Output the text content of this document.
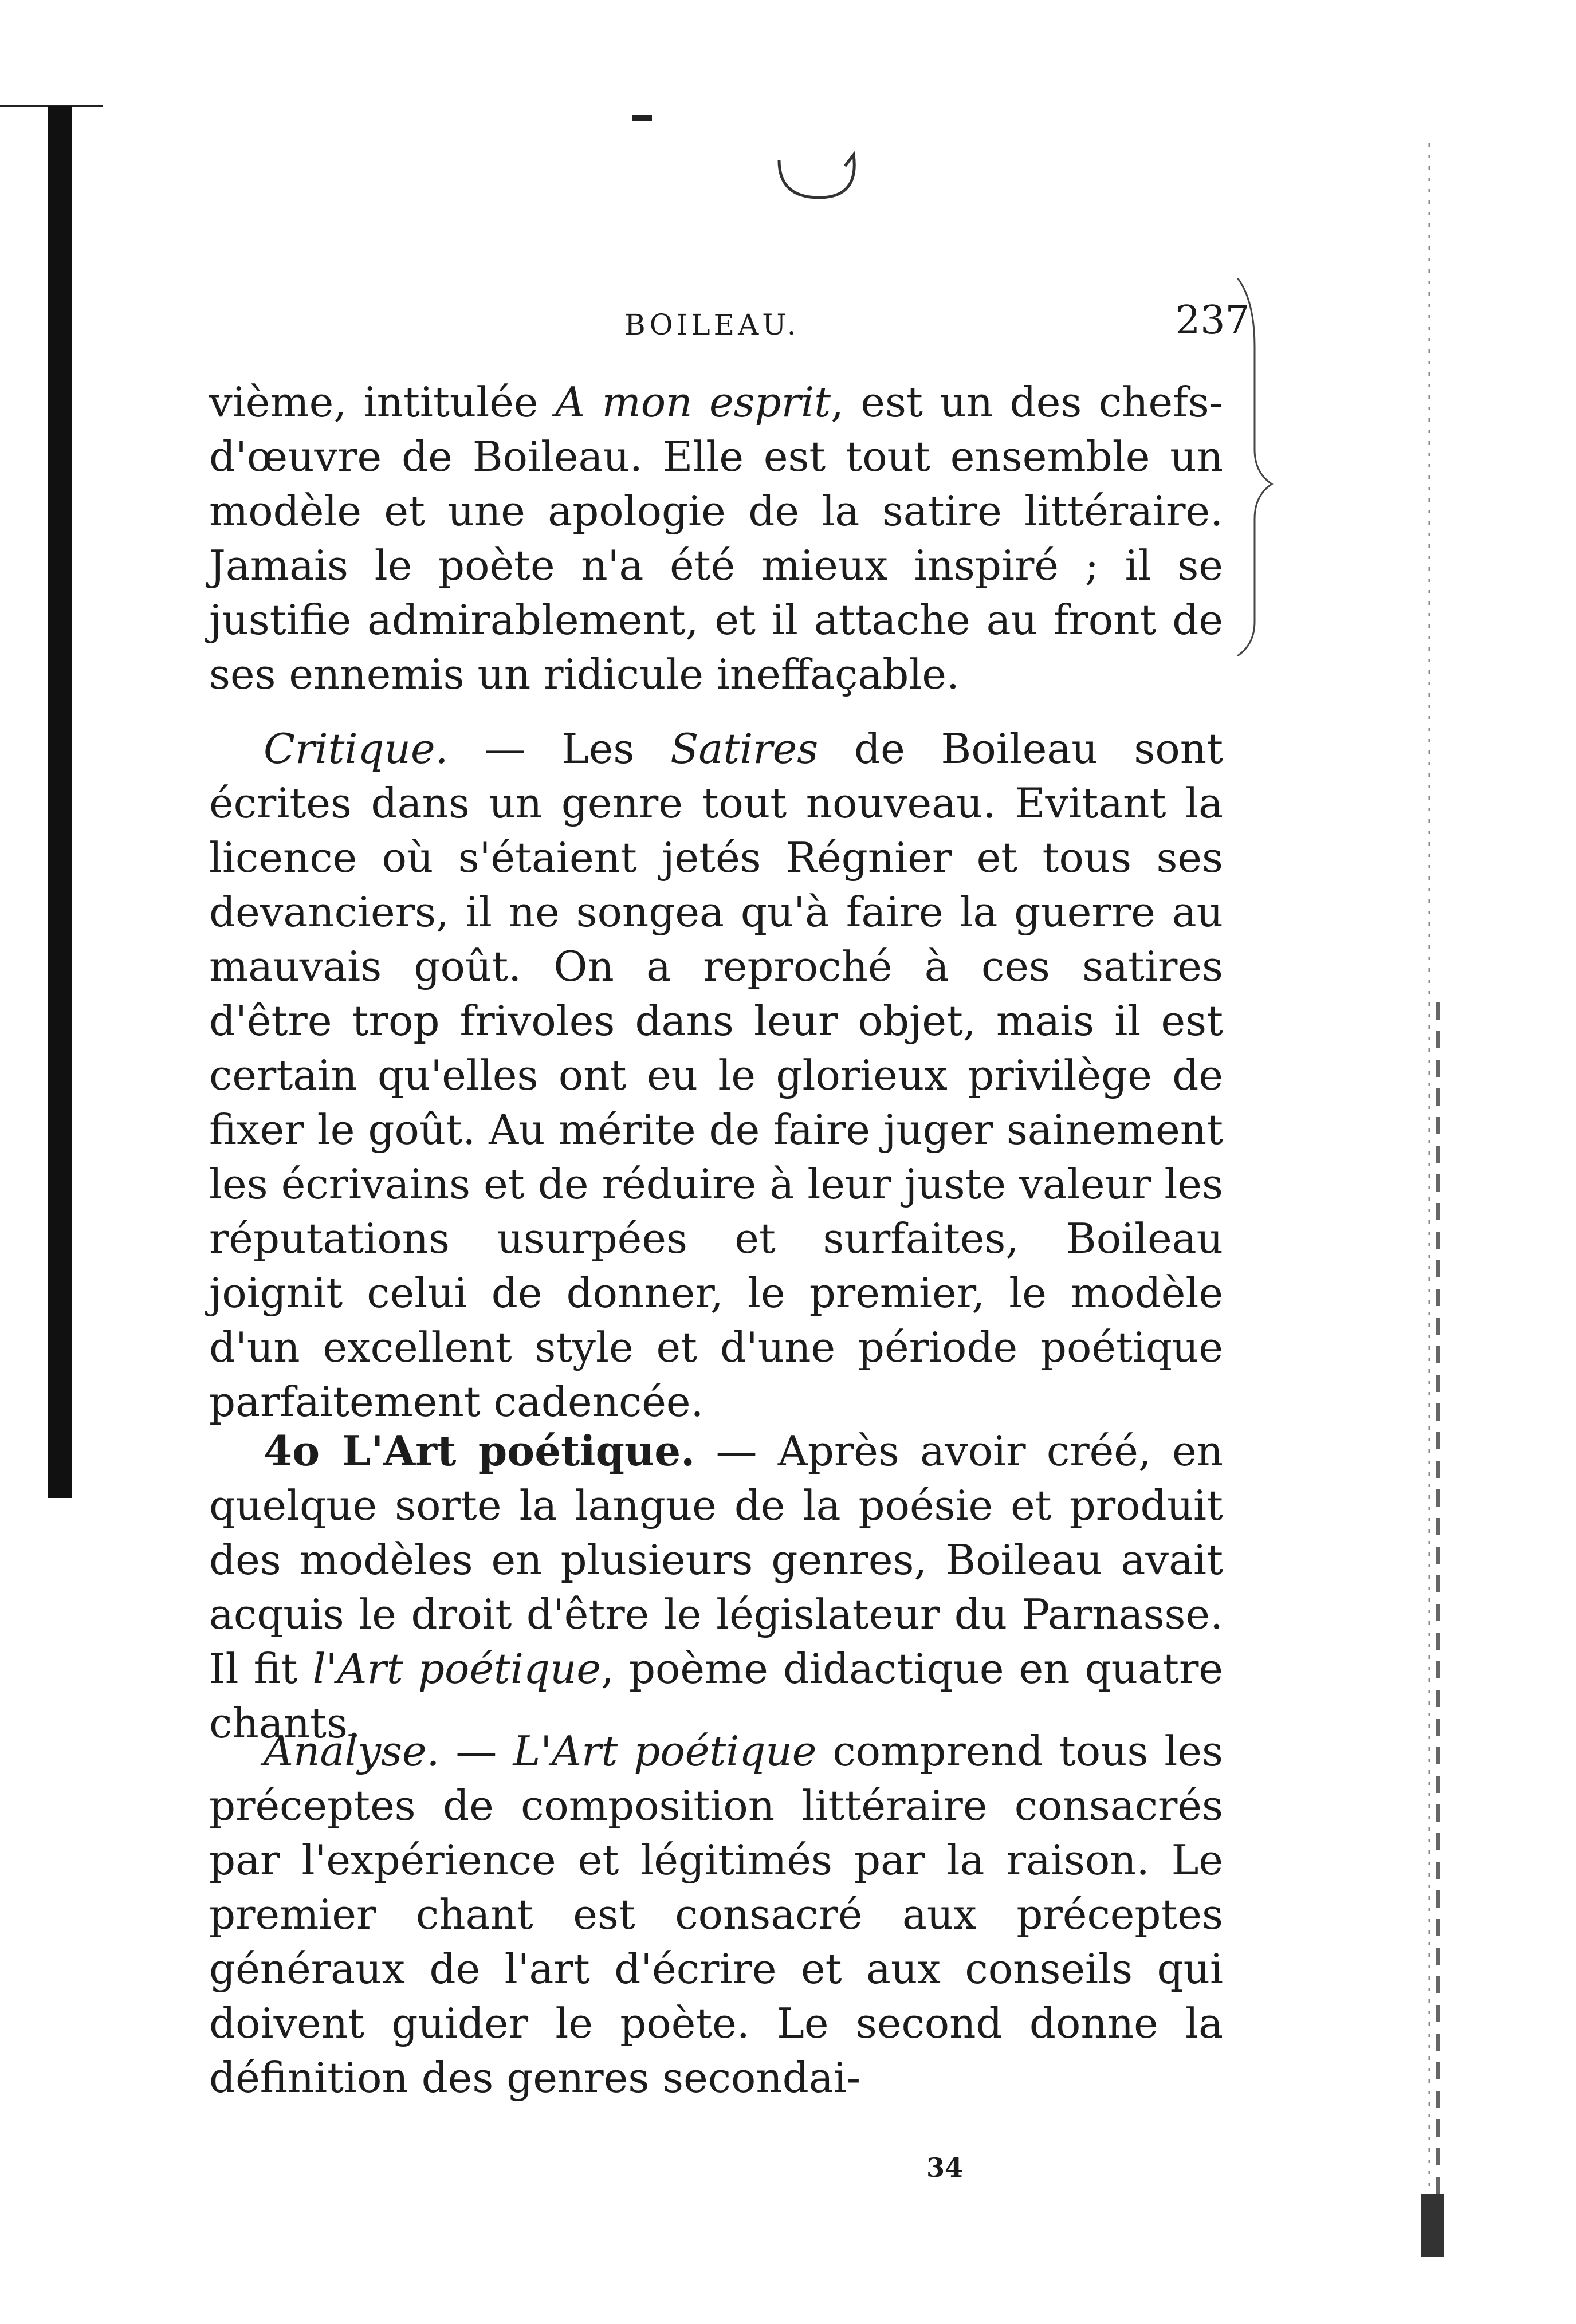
BOILEAU.	237

vième, intitulée A mon esprit, est un des chefs-d'œuvre de Boileau. Elle est tout ensemble un modèle et une apologie de la satire littéraire. Jamais le poète n'a été mieux inspiré ; il se justifie admirablement, et il attache au front de ses ennemis un ridicule ineffaçable.

Critique. — Les Satires de Boileau sont écrites dans un genre tout nouveau. Evitant la licence où s'étaient jetés Régnier et tous ses devanciers, il ne songea qu'à faire la guerre au mauvais goût. On a reproché à ces satires d'être trop frivoles dans leur objet, mais il est certain qu'elles ont eu le glorieux privilège de fixer le goût. Au mérite de faire juger sainement les écrivains et de réduire à leur juste valeur les réputations usurpées et surfaites, Boileau joignit celui de donner, le premier, le modèle d'un excellent style et d'une période poétique parfaitement cadencée.

4o L'Art poétique. — Après avoir créé, en quelque sorte la langue de la poésie et produit des modèles en plusieurs genres, Boileau avait acquis le droit d'être le législateur du Parnasse. Il fit l'Art poétique, poème didactique en quatre chants.

Analyse. — L'Art poétique comprend tous les préceptes de composition littéraire consacrés par l'expérience et légitimés par la raison. Le premier chant est consacré aux préceptes généraux de l'art d'écrire et aux conseils qui doivent guider le poète. Le second donne la définition des genres secondai-

34
